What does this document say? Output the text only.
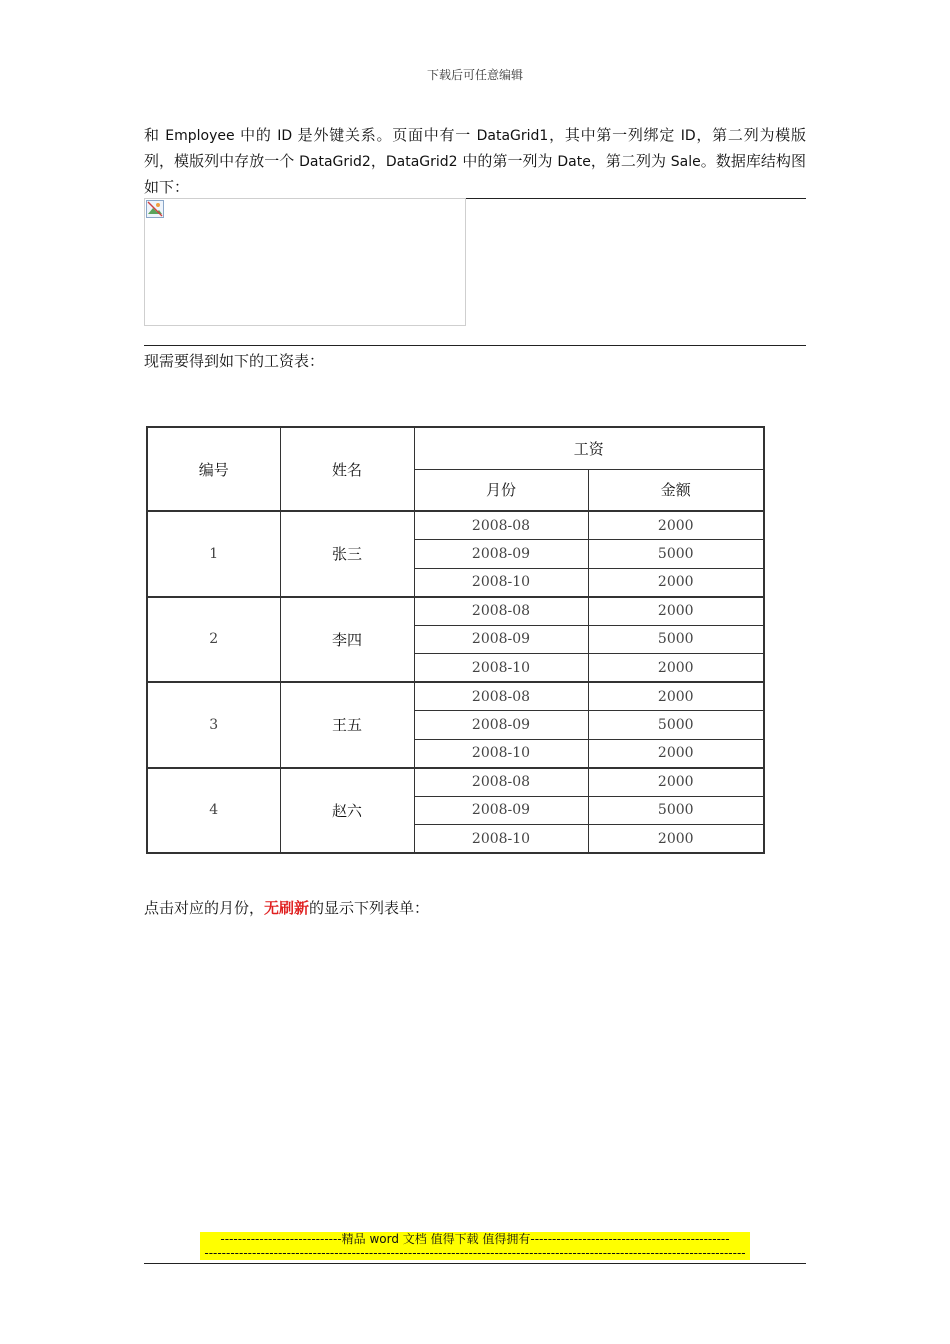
下载后可任意编辑
和 Employee 中的 ID 是外键关系。页面中有一 DataGrid1，其中第一列绑定 ID，第二列为模版列，模版列中存放一个 DataGrid2，DataGrid2 中的第一列为 Date，第二列为 Sale。数据库结构图如下：
现需要得到如下的工资表：
编号	姓名	工资	
		月份	金额
1	张三	2008-08	2000
		2008-09	5000
		2008-10	2000
2	李四	2008-08	2000
		2008-09	5000
		2008-10	2000
3	王五	2008-08	2000
		2008-09	5000
		2008-10	2000
4	赵六	2008-08	2000
		2008-09	5000
		2008-10	2000
点击对应的月份，无刷新的显示下列表单：
----------------------------精品 word 文档 值得下载 值得拥有----------------------------------------------
-----------------------------------------------------------------------------------------------------------------------------
